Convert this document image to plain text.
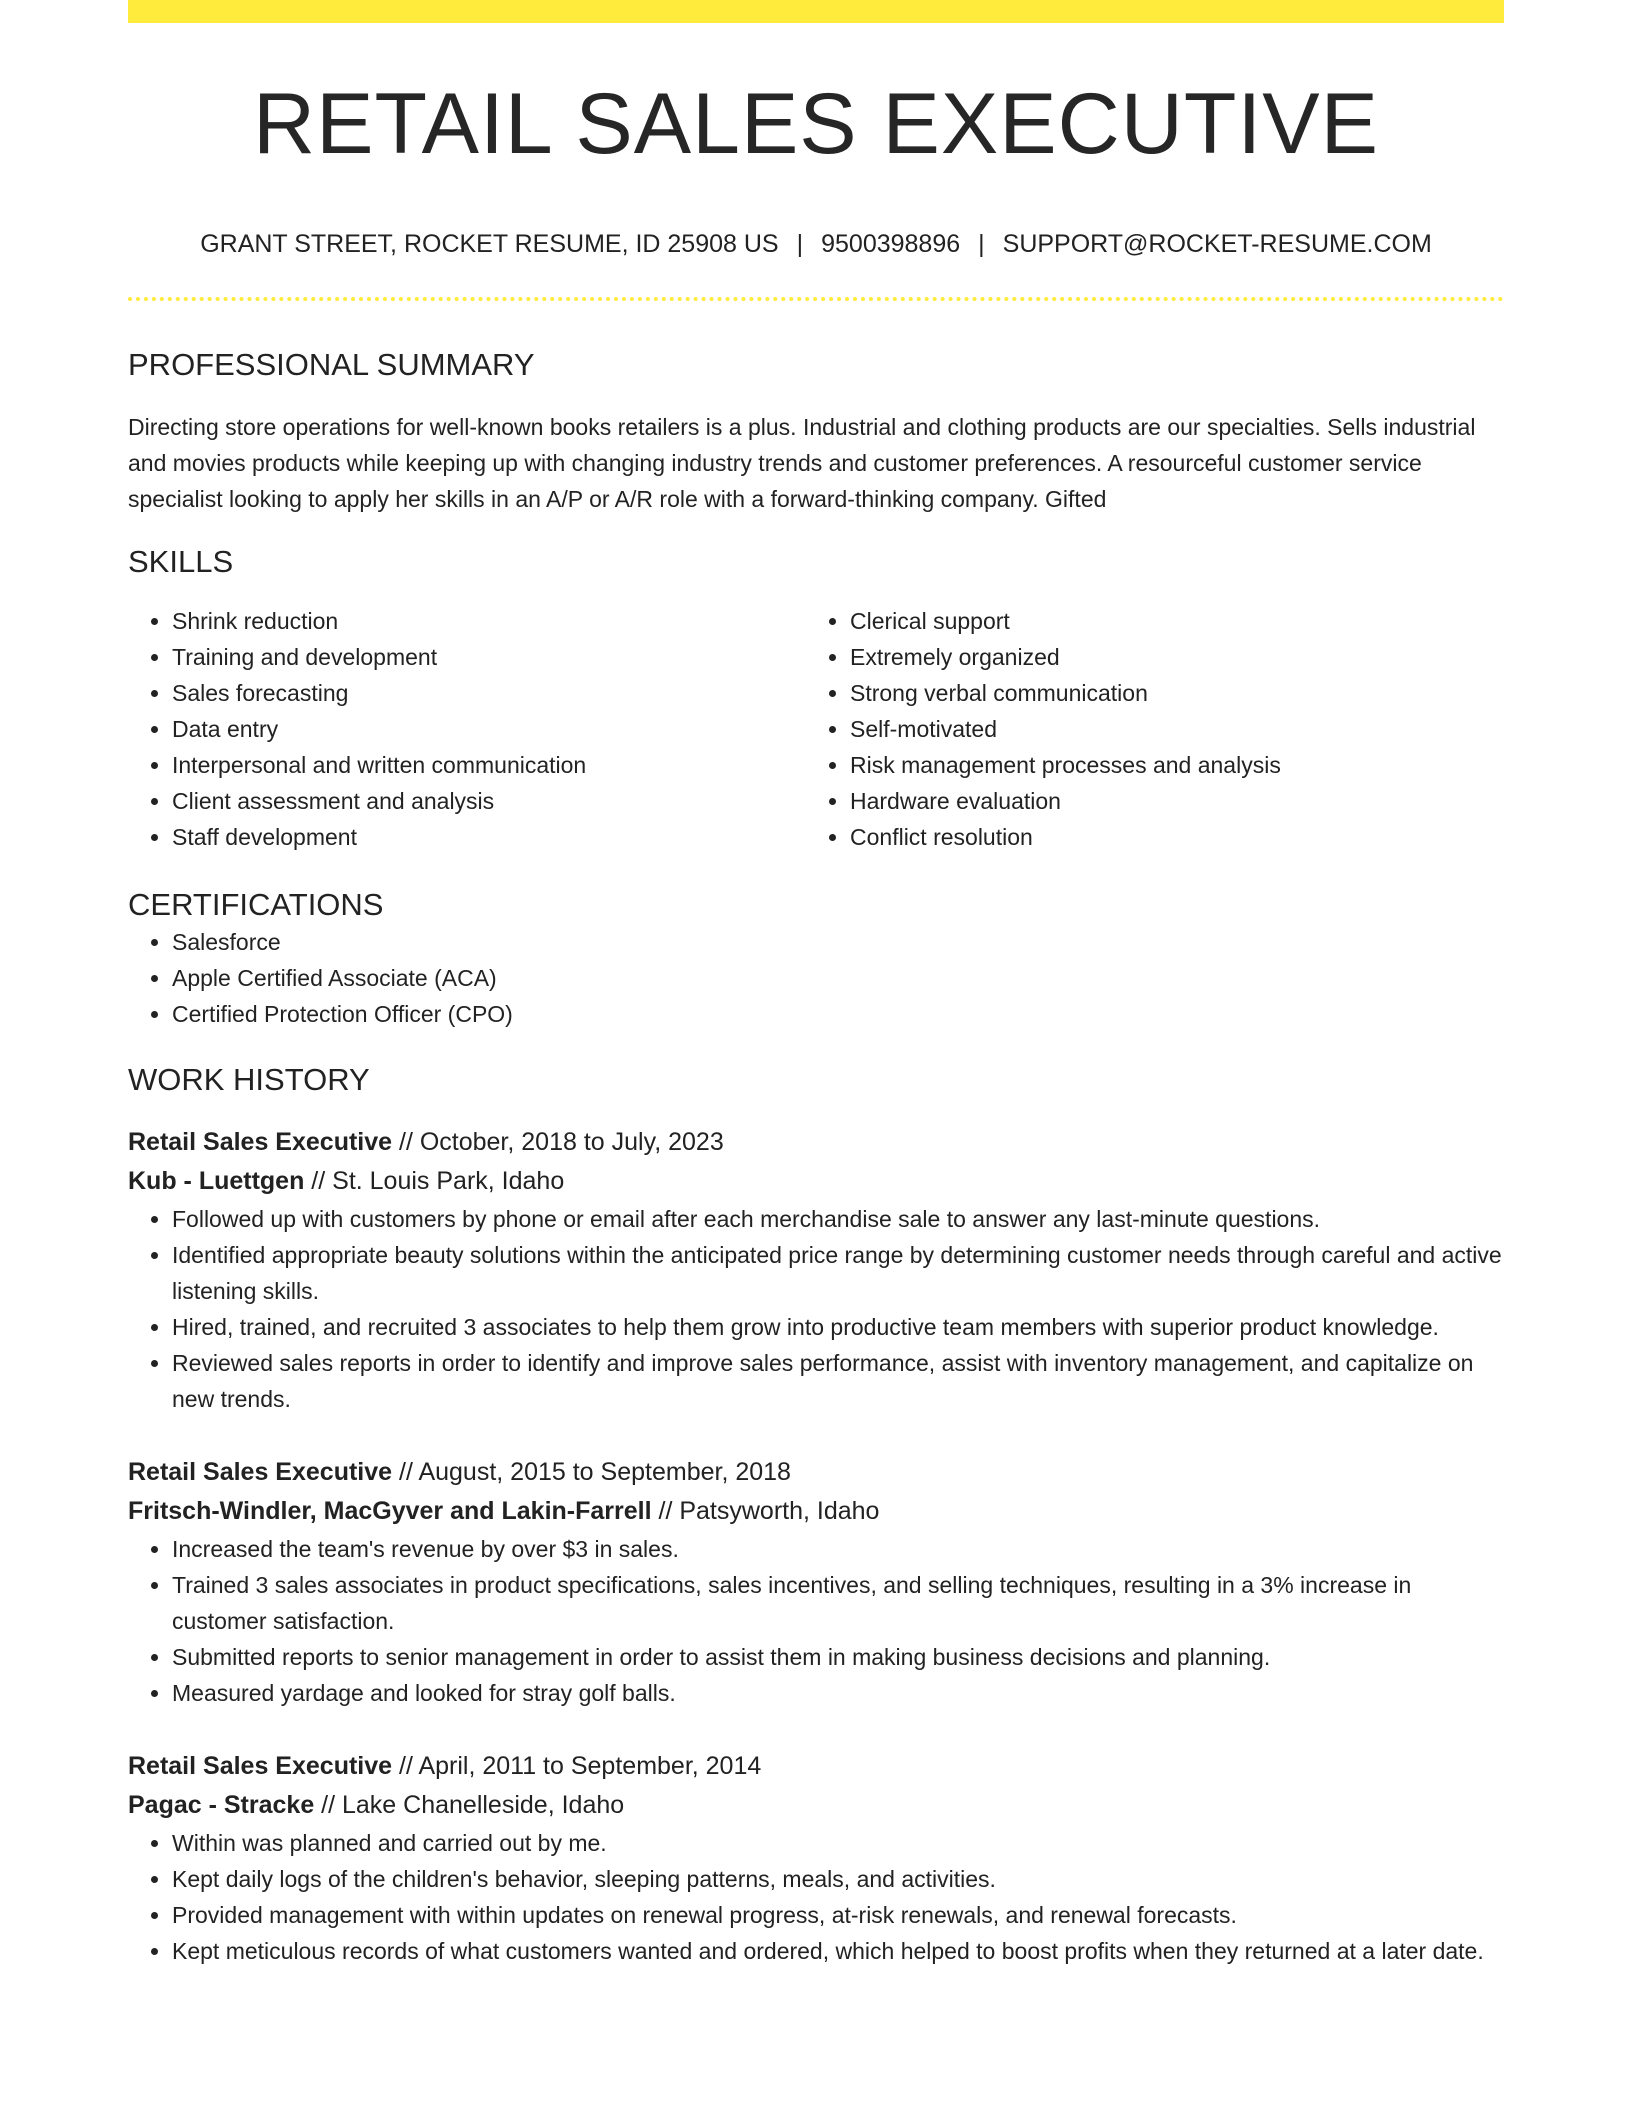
RETAIL SALES EXECUTIVE
GRANT STREET, ROCKET RESUME, ID 25908 US | 9500398896 | SUPPORT@ROCKET-RESUME.COM
PROFESSIONAL SUMMARY
Directing store operations for well-known books retailers is a plus. Industrial and clothing products are our specialties. Sells industrial and movies products while keeping up with changing industry trends and customer preferences. A resourceful customer service specialist looking to apply her skills in an A/P or A/R role with a forward-thinking company. Gifted
SKILLS
• Shrink reduction
• Training and development
• Sales forecasting
• Data entry
• Interpersonal and written communication
• Client assessment and analysis
• Staff development
• Clerical support
• Extremely organized
• Strong verbal communication
• Self-motivated
• Risk management processes and analysis
• Hardware evaluation
• Conflict resolution
CERTIFICATIONS
• Salesforce
• Apple Certified Associate (ACA)
• Certified Protection Officer (CPO)
WORK HISTORY
Retail Sales Executive // October, 2018 to July, 2023
Kub - Luettgen // St. Louis Park, Idaho
• Followed up with customers by phone or email after each merchandise sale to answer any last-minute questions.
• Identified appropriate beauty solutions within the anticipated price range by determining customer needs through careful and active listening skills.
• Hired, trained, and recruited 3 associates to help them grow into productive team members with superior product knowledge.
• Reviewed sales reports in order to identify and improve sales performance, assist with inventory management, and capitalize on new trends.
Retail Sales Executive // August, 2015 to September, 2018
Fritsch-Windler, MacGyver and Lakin-Farrell // Patsyworth, Idaho
• Increased the team's revenue by over $3 in sales.
• Trained 3 sales associates in product specifications, sales incentives, and selling techniques, resulting in a 3% increase in customer satisfaction.
• Submitted reports to senior management in order to assist them in making business decisions and planning.
• Measured yardage and looked for stray golf balls.
Retail Sales Executive // April, 2011 to September, 2014
Pagac - Stracke // Lake Chanelleside, Idaho
• Within was planned and carried out by me.
• Kept daily logs of the children's behavior, sleeping patterns, meals, and activities.
• Provided management with within updates on renewal progress, at-risk renewals, and renewal forecasts.
• Kept meticulous records of what customers wanted and ordered, which helped to boost profits when they returned at a later date.
